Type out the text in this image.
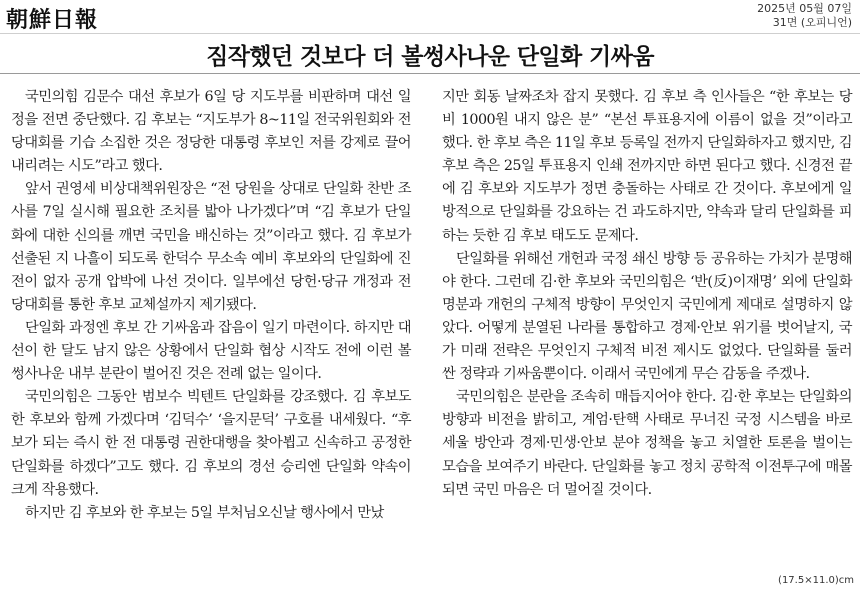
朝鮮日報	2025년 05월 07일
31면 (오피니언)
짐작했던 것보다 더 볼썽사나운 단일화 기싸움

국민의힘 김문수 대선 후보가 6일 당 지도부를 비판하며 대선 일정을 전면 중단했다. 김 후보는 “지도부가 8~11일 전국위원회와 전당대회를 기습 소집한 것은 정당한 대통령 후보인 저를 강제로 끌어내리려는 시도”라고 했다.

앞서 권영세 비상대책위원장은 “전 당원을 상대로 단일화 찬반 조사를 7일 실시해 필요한 조치를 밟아 나가겠다”며 “김 후보가 단일화에 대한 신의를 깨면 국민을 배신하는 것”이라고 했다. 김 후보가 선출된 지 나흘이 되도록 한덕수 무소속 예비 후보와의 단일화에 진전이 없자 공개 압박에 나선 것이다. 일부에선 당헌·당규 개정과 전당대회를 통한 후보 교체설까지 제기됐다.

단일화 과정엔 후보 간 기싸움과 잡음이 일기 마련이다. 하지만 대선이 한 달도 남지 않은 상황에서 단일화 협상 시작도 전에 이런 볼썽사나운 내부 분란이 벌어진 것은 전례 없는 일이다.

국민의힘은 그동안 범보수 빅텐트 단일화를 강조했다. 김 후보도 한 후보와 함께 가겠다며 ‘김덕수’ ‘을지문덕’ 구호를 내세웠다. “후보가 되는 즉시 한 전 대통령 권한대행을 찾아뵙고 신속하고 공정한 단일화를 하겠다”고도 했다. 김 후보의 경선 승리엔 단일화 약속이 크게 작용했다.

하지만 김 후보와 한 후보는 5일 부처님오신날 행사에서 만났

지만 회동 날짜조차 잡지 못했다. 김 후보 측 인사들은 “한 후보는 당비 1000원 내지 않은 분” “본선 투표용지에 이름이 없을 것”이라고 했다. 한 후보 측은 11일 후보 등록일 전까지 단일화하자고 했지만, 김 후보 측은 25일 투표용지 인쇄 전까지만 하면 된다고 했다. 신경전 끝에 김 후보와 지도부가 정면 충돌하는 사태로 간 것이다. 후보에게 일방적으로 단일화를 강요하는 건 과도하지만, 약속과 달리 단일화를 피하는 듯한 김 후보 태도도 문제다.

단일화를 위해선 개헌과 국정 쇄신 방향 등 공유하는 가치가 분명해야 한다. 그런데 김·한 후보와 국민의힘은 ‘반(反)이재명’ 외에 단일화 명분과 개헌의 구체적 방향이 무엇인지 국민에게 제대로 설명하지 않았다. 어떻게 분열된 나라를 통합하고 경제·안보 위기를 벗어날지, 국가 미래 전략은 무엇인지 구체적 비전 제시도 없었다. 단일화를 둘러싼 정략과 기싸움뿐이다. 이래서 국민에게 무슨 감동을 주겠나.

국민의힘은 분란을 조속히 매듭지어야 한다. 김·한 후보는 단일화의 방향과 비전을 밝히고, 계엄·탄핵 사태로 무너진 국정 시스템을 바로 세울 방안과 경제·민생·안보 분야 정책을 놓고 치열한 토론을 벌이는 모습을 보여주기 바란다. 단일화를 놓고 정치 공학적 이전투구에 매몰되면 국민 마음은 더 멀어질 것이다.

(17.5×11.0)cm
